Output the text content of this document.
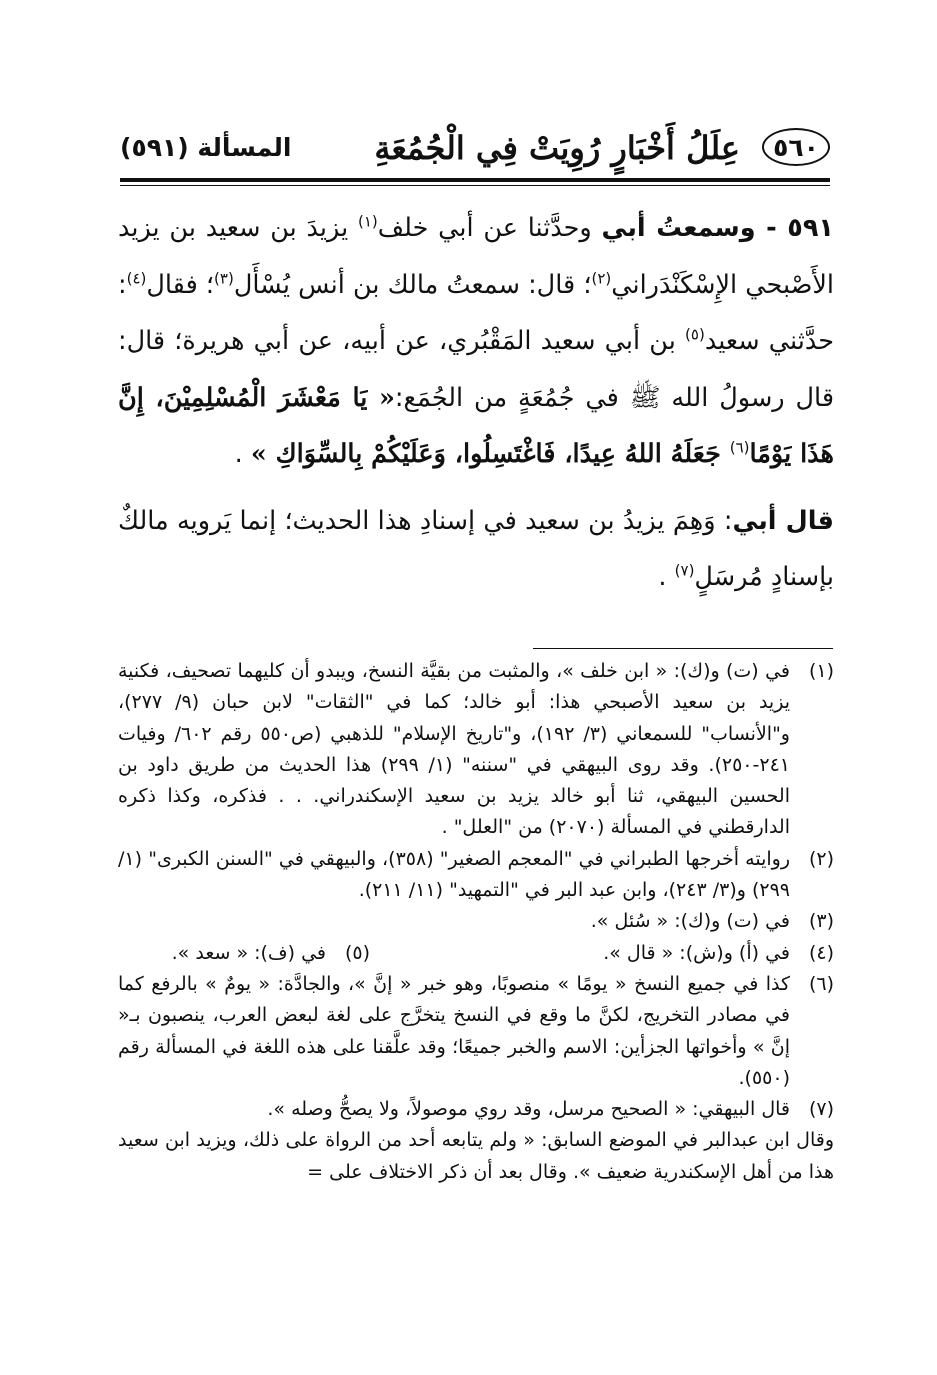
٥٦٠
عِلَلُ أَخْبَارٍ رُوِيَتْ فِي الْجُمُعَةِ
المسألة (٥٩١)

٥٩١ - وسمعتُ أبي وحدَّثنا عن أبي خلف$^{(١)}$ يزيدَ بن سعيد بن يزيد الأَصْبحي الإِسْكَنْدَراني$^{(٢)}$؛ قال: سمعتُ مالك بن أنس يُسْأَل$^{(٣)}$؛ فقال$^{(٤)}$: حدَّثني سعيد$^{(٥)}$ بن أبي سعيد المَقْبُري، عن أبيه، عن أبي هريرة؛ قال: قال رسولُ الله ﷺ في جُمُعَةٍ من الجُمَع:« يَا مَعْشَرَ الْمُسْلِمِيْنَ، إِنَّ هَذَا يَوْمًا$^{(٦)}$ جَعَلَهُ اللهُ عِيدًا، فَاغْتَسِلُوا، وَعَلَيْكُمْ بِالسِّوَاكِ » .

قال أبي: وَهِمَ يزيدُ بن سعيد في إسنادِ هذا الحديث؛ إنما يَرويه مالكٌ بإسنادٍ مُرسَلٍ$^{(٧)}$ .

(١)
في (ت) و(ك): « ابن خلف »، والمثبت من بقيَّة النسخ، ويبدو أن كليهما تصحيف، فكنية يزيد بن سعيد الأصبحي هذا: أبو خالد؛ كما في "الثقات" لابن حبان (٩/ ٢٧٧)، و"الأنساب" للسمعاني (٣/ ١٩٢)، و"تاريخ الإسلام" للذهبي (ص٥٥٠ رقم ٦٠٢/ وفيات ٢٤١-٢٥٠). وقد روى البيهقي في "سننه" (١/ ٢٩٩) هذا الحديث من طريق داود بن الحسين البيهقي، ثنا أبو خالد يزيد بن سعيد الإسكندراني. . . فذكره، وكذا ذكره الدارقطني في المسألة (٢٠٧٠) من "العلل" .
(٢)
روايته أخرجها الطبراني في "المعجم الصغير" (٣٥٨)، والبيهقي في "السنن الكبرى" (١/ ٢٩٩) و(٣/ ٢٤٣)، وابن عبد البر في "التمهيد" (١١/ ٢١١).
(٣)
في (ت) و(ك): « سُئل ».
(٤)
في (أ) و(ش): « قال ».
(٥)
في (ف): « سعد ».
(٦)
كذا في جميع النسخ « يومًا » منصوبًا، وهو خبر « إنَّ »، والجادَّة: « يومٌ » بالرفع كما في مصادر التخريج، لكنَّ ما وقع في النسخ يتخرَّج على لغة لبعض العرب، ينصبون بـ« إنَّ » وأخواتها الجزأين: الاسم والخبر جميعًا؛ وقد علَّقنا على هذه اللغة في المسألة رقم (٥٥٠).
(٧)
قال البيهقي: « الصحيح مرسل، وقد روي موصولاً، ولا يصحُّ وصله ».
وقال ابن عبدالبر في الموضع السابق: « ولم يتابعه أحد من الرواة على ذلك، ويزيد ابن سعيد هذا من أهل الإسكندرية ضعيف ». وقال بعد أن ذكر الاختلاف على =
